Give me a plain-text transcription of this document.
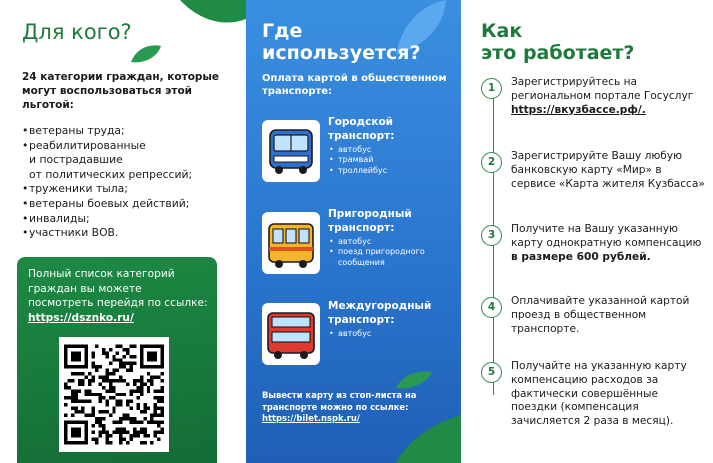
Для кого?

24 категории граждан, которые могут воспользоваться этой льготой:

• ветераны труда;
• реабилитированные
и пострадавшие
от политических репрессий;
• труженики тыла;
• ветераны боевых действий;
• инвалиды;
• участники ВОВ.

Полный список категорий граждан вы можете посмотреть перейдя по ссылке: https://dsznko.ru/

Где
используется?

Оплата картой в общественном транспорте:

Городской транспорт:
• автобус
• трамвай
• троллейбус
Пригородный транспорт:
• автобус
• поезд пригородного сообщения
Междугородный транспорт:
• автобус

Вывести карту из стоп-листа на транспорте можно по ссылке: https://bilet.nspk.ru/

Как
это работает?
1	Зарегистрируйтесь на региональном портале Госуслуг https://вкузбассе.рф/.
2	Зарегистрируйте Вашу любую банковскую карту «Мир» в сервисе «Карта жителя Кузбасса»
3	Получите на Вашу указанную карту однократную компенсацию в размере 600 рублей.
4	Оплачивайте указанной картой проезд в общественном транспорте.
5	Получайте на указанную карту компенсацию расходов за фактически совершённые поездки (компенсация зачисляется 2 раза в месяц).
